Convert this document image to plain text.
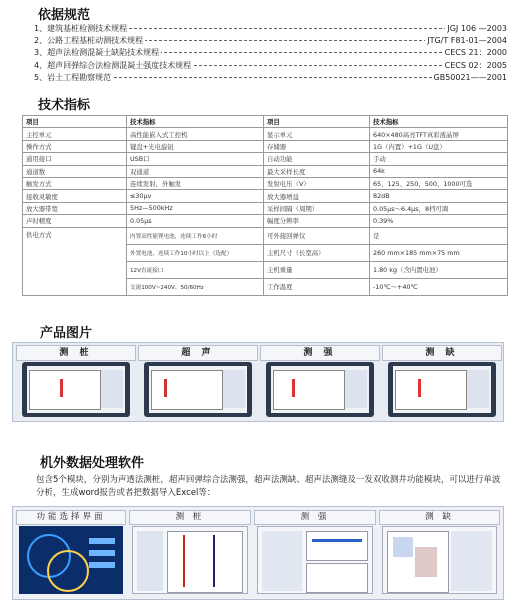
依据规范
1、建筑基桩检测技术规程	JGJ 106 —2003
2、公路工程基桩动测技术规程	JTG/T F81-01—2004
3、超声法检测混凝土缺陷技术规程	CECS 21：2000
4、超声回弹综合法检测混凝土强度技术规程	CECS 02：2005
5、岩土工程勘察规范	GB50021——2001
技术指标
项目	技术指标	项目	技术指标
主控单元	高性能嵌入式工控机	显示单元	640×480高亮TFT真彩液晶屏
操作方式	键盘+光电旋钮	存储器	1G（内置）+1G（U盘）
通用接口	USB口	自动功能	手动
通道数	双通道	最大采样长度	64k
触发方式	连续发射、外触发	发射电压（V）	65、125、250、500、1000可选
接收灵敏度	≤30μv	放大器增益	82dB
放大器带宽	5Hz—500kHz	采样间隔（周期）	0.05μs～6.4μs，8档可调
声时精度	0.05μs	幅度分辨率	0.39%
供电方式	内置高性能锂电池，连续工作6小时	可外接回弹仪	是
	外置电池，连续工作10小时以上（选配）	主机尺寸（长宽高）	260 mm×185 mm×75 mm
	12V直流接口	主机重量	1.80 kg（含内置电池）
	交流100V~240V、50/60Hz	工作温度	-10℃～+40℃
产品图片
测 桩	超 声	测 强	测 缺
机外数据处理软件
包含5个模块，分别为声透法测桩，超声回弹综合法测强，超声法测缺、超声法测缝及一发双收测井功能模块，可以进行单波分析，生成word报告或者把数据导入Excel等：
功能选择界面	测 桩	测 强	测 缺
